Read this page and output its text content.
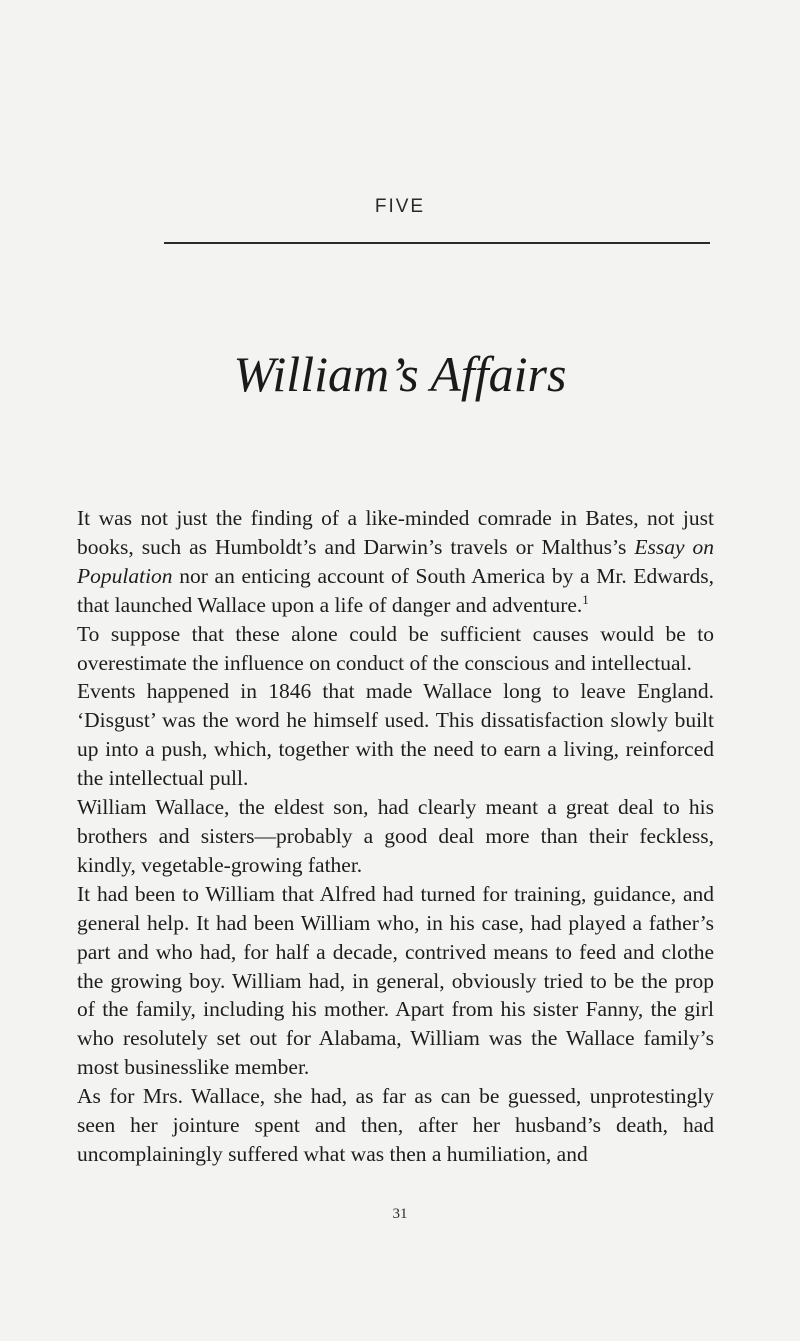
FIVE
William’s Affairs

It was not just the finding of a like-minded comrade in Bates, not just books, such as Humboldt’s and Darwin’s travels or Malthus’s Essay on Population nor an enticing account of South America by a Mr. Edwards, that launched Wallace upon a life of danger and adventure.$^1$

To suppose that these alone could be sufficient causes would be to overestimate the influence on conduct of the conscious and intellectual.

Events happened in 1846 that made Wallace long to leave England. ‘Disgust’ was the word he himself used. This dissatisfaction slowly built up into a push, which, together with the need to earn a living, reinforced the intellectual pull.

William Wallace, the eldest son, had clearly meant a great deal to his brothers and sisters—probably a good deal more than their feckless, kindly, vegetable-growing father.

It had been to William that Alfred had turned for training, guidance, and general help. It had been William who, in his case, had played a father’s part and who had, for half a decade, contrived means to feed and clothe the growing boy. William had, in general, obviously tried to be the prop of the family, including his mother. Apart from his sister Fanny, the girl who resolutely set out for Alabama, William was the Wallace family’s most businesslike member.

As for Mrs. Wallace, she had, as far as can be guessed, unprotestingly seen her jointure spent and then, after her husband’s death, had uncomplainingly suffered what was then a humiliation, and

31
